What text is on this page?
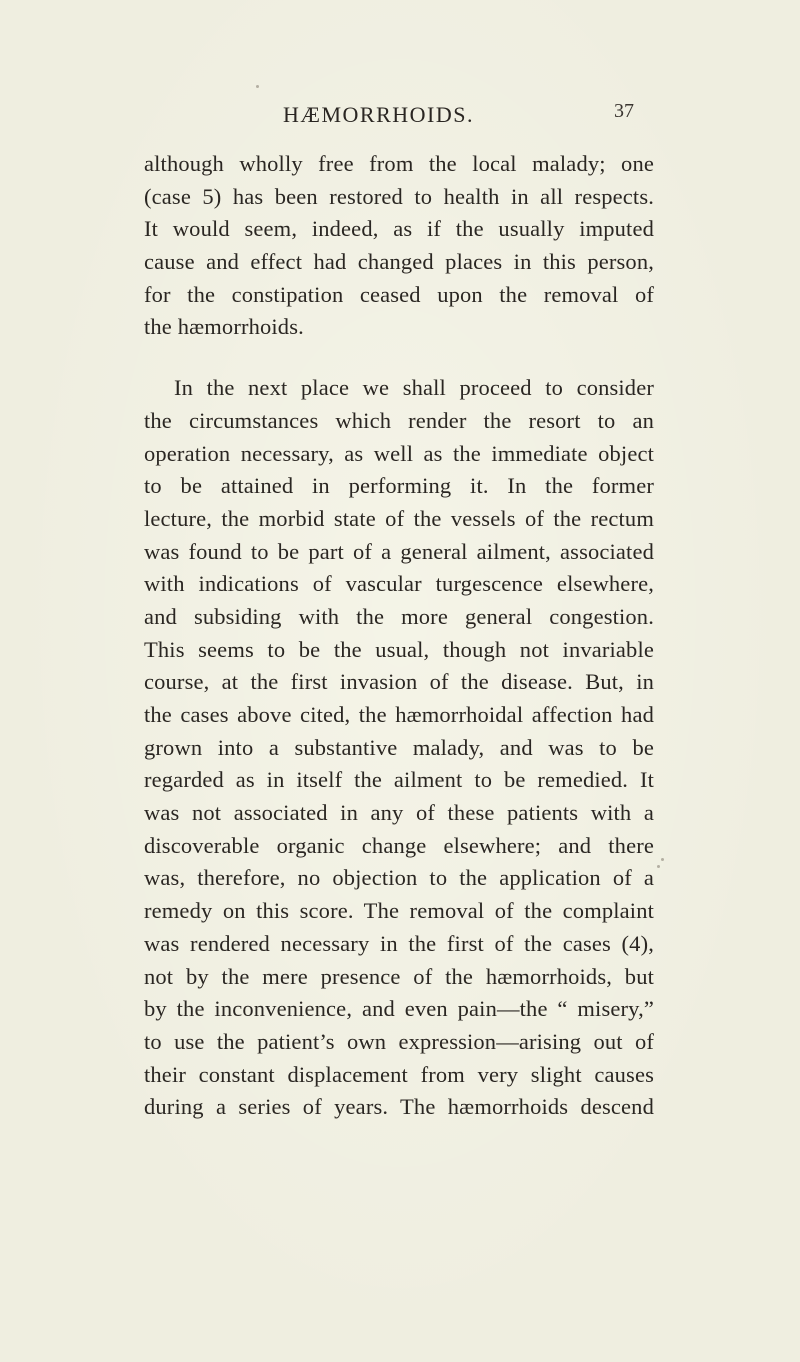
HÆMORRHOIDS.	37
although wholly free from the local malady; one
(case 5) has been restored to health in all respects.
It would seem, indeed, as if the usually imputed
cause and effect had changed places in this person,
for the constipation ceased upon the removal of
the hæmorrhoids.
In the next place we shall proceed to consider
the circumstances which render the resort to an
operation necessary, as well as the immediate object
to be attained in performing it. In the former
lecture, the morbid state of the vessels of the rectum
was found to be part of a general ailment, associated
with indications of vascular turgescence elsewhere,
and subsiding with the more general congestion.
This seems to be the usual, though not invariable
course, at the first invasion of the disease. But, in
the cases above cited, the hæmorrhoidal affection had
grown into a substantive malady, and was to be
regarded as in itself the ailment to be remedied. It
was not associated in any of these patients with a
discoverable organic change elsewhere; and there
was, therefore, no objection to the application of a
remedy on this score. The removal of the complaint
was rendered necessary in the first of the cases (4),
not by the mere presence of the hæmorrhoids, but
by the inconvenience, and even pain—the “ misery,”
to use the patient’s own expression—arising out of
their constant displacement from very slight causes
during a series of years. The hæmorrhoids descend
